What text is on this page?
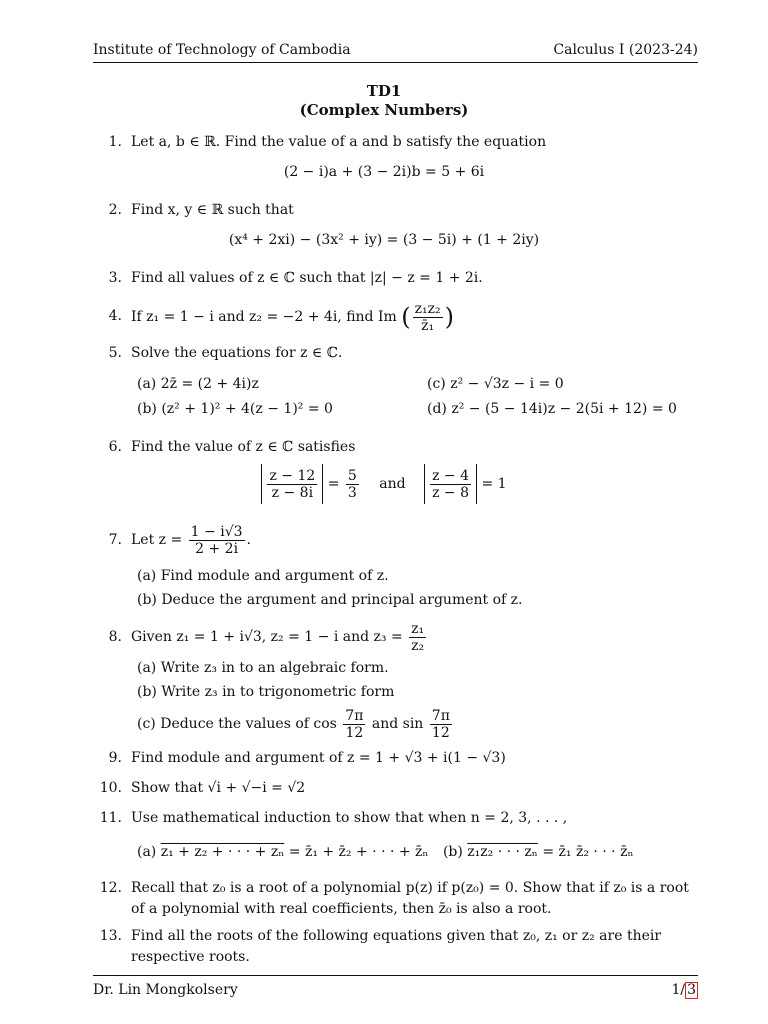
Institute of Technology of Cambodia	Calculus I (2023-24)
TD1
(Complex Numbers)
1. Let a, b ∈ ℝ. Find the value of a and b satisfy the equation
(2 − i)a + (3 − 2i)b = 5 + 6i
2. Find x, y ∈ ℝ such that
(x⁴ + 2xi) − (3x² + iy) = (3 − 5i) + (1 + 2iy)
3. Find all values of z ∈ ℂ such that |z| − z = 1 + 2i.
4. If z₁ = 1 − i and z₂ = −2 + 4i, find Im ( $\frac{\text{z₁z₂}}{\text{z̄₁}}$ )
5. Solve the equations for z ∈ ℂ.
(a) 2z̄ = (2 + 4i)z	(c) z² − √3z − i = 0
(b) (z² + 1)² + 4(z − 1)² = 0	(d) z² − (5 − 14i)z − 2(5i + 12) = 0
6. Find the value of z ∈ ℂ satisfies
$\frac{z - 12}{z - 8i} = \frac{5}{3}$ and $\frac{z - 4}{z - 8} = 1$
7. Let $z = \frac{1 - i√3}{2 + 2i}$ .
(a) Find module and argument of z.
(b) Deduce the argument and principal argument of z.
8. Given z₁ = 1 + i√3, z₂ = 1 − i and $z_3 = \frac{\text{z₁}}{\text{z₂}}$
(a) Write z₃ in to an algebraic form.
(b) Write z₃ in to trigonometric form
(c) Deduce the values of $\cos \frac{7\pi}{12}$ and $\sin \frac{7\pi}{12}$
9. Find module and argument of z = 1 + √3 + i(1 − √3)
10. Show that √i + √−i = √2
11. Use mathematical induction to show that when n = 2, 3, . . . ,
(a) z₁ + z₂ + · · · + zₙ = z̄₁ + z̄₂ + · · · + z̄ₙ (b) z₁z₂ · · · zₙ = z̄₁ z̄₂ · · · z̄ₙ
12. Recall that z₀ is a root of a polynomial p(z) if p(z₀) = 0. Show that if z₀ is a root of a polynomial with real coefficients, then z̄₀ is also a root.
13. Find all the roots of the following equations given that z₀, z₁ or z₂ are their respective roots.
Dr. Lin Mongkolsery	1/ 3
